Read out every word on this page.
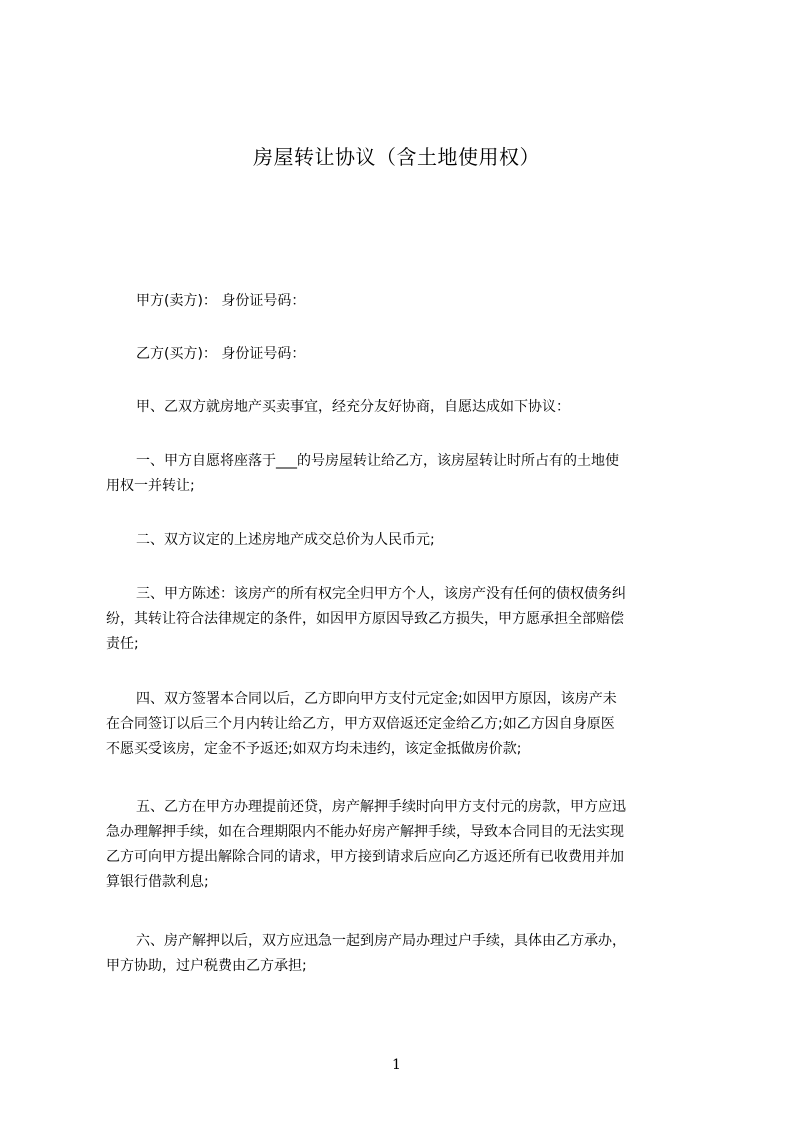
房屋转让协议（含土地使用权）

甲方(卖方)： 身份证号码：

乙方(买方)： 身份证号码：

甲、乙双方就房地产买卖事宜，经充分友好协商，自愿达成如下协议：

一、甲方自愿将座落于___的号房屋转让给乙方，该房屋转让时所占有的土地使
用权一并转让;

二、双方议定的上述房地产成交总价为人民币元;

三、甲方陈述：该房产的所有权完全归甲方个人，该房产没有任何的债权债务纠
纷，其转让符合法律规定的条件，如因甲方原因导致乙方损失，甲方愿承担全部赔偿
责任;

四、双方签署本合同以后，乙方即向甲方支付元定金;如因甲方原因，该房产未
在合同签订以后三个月内转让给乙方，甲方双倍返还定金给乙方;如乙方因自身原医
不愿买受该房，定金不予返还;如双方均未违约，该定金抵做房价款;

五、乙方在甲方办理提前还贷，房产解押手续时向甲方支付元的房款，甲方应迅
急办理解押手续，如在合理期限内不能办好房产解押手续，导致本合同目的无法实现
乙方可向甲方提出解除合同的请求，甲方接到请求后应向乙方返还所有已收费用并加
算银行借款利息;

六、房产解押以后，双方应迅急一起到房产局办理过户手续，具体由乙方承办，
甲方协助，过户税费由乙方承担;

1
